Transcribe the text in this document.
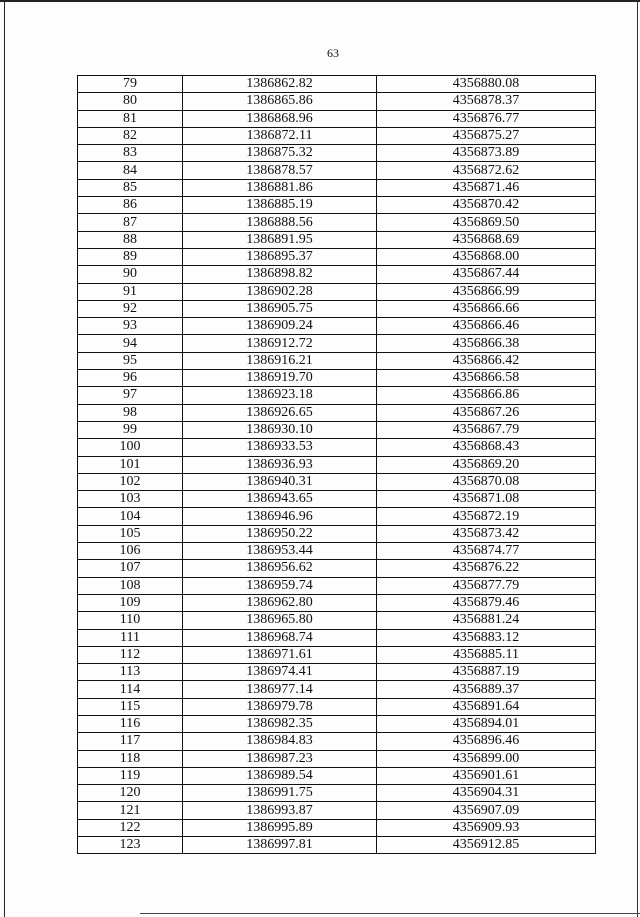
63
79	1386862.82	4356880.08
80	1386865.86	4356878.37
81	1386868.96	4356876.77
82	1386872.11	4356875.27
83	1386875.32	4356873.89
84	1386878.57	4356872.62
85	1386881.86	4356871.46
86	1386885.19	4356870.42
87	1386888.56	4356869.50
88	1386891.95	4356868.69
89	1386895.37	4356868.00
90	1386898.82	4356867.44
91	1386902.28	4356866.99
92	1386905.75	4356866.66
93	1386909.24	4356866.46
94	1386912.72	4356866.38
95	1386916.21	4356866.42
96	1386919.70	4356866.58
97	1386923.18	4356866.86
98	1386926.65	4356867.26
99	1386930.10	4356867.79
100	1386933.53	4356868.43
101	1386936.93	4356869.20
102	1386940.31	4356870.08
103	1386943.65	4356871.08
104	1386946.96	4356872.19
105	1386950.22	4356873.42
106	1386953.44	4356874.77
107	1386956.62	4356876.22
108	1386959.74	4356877.79
109	1386962.80	4356879.46
110	1386965.80	4356881.24
111	1386968.74	4356883.12
112	1386971.61	4356885.11
113	1386974.41	4356887.19
114	1386977.14	4356889.37
115	1386979.78	4356891.64
116	1386982.35	4356894.01
117	1386984.83	4356896.46
118	1386987.23	4356899.00
119	1386989.54	4356901.61
120	1386991.75	4356904.31
121	1386993.87	4356907.09
122	1386995.89	4356909.93
123	1386997.81	4356912.85
